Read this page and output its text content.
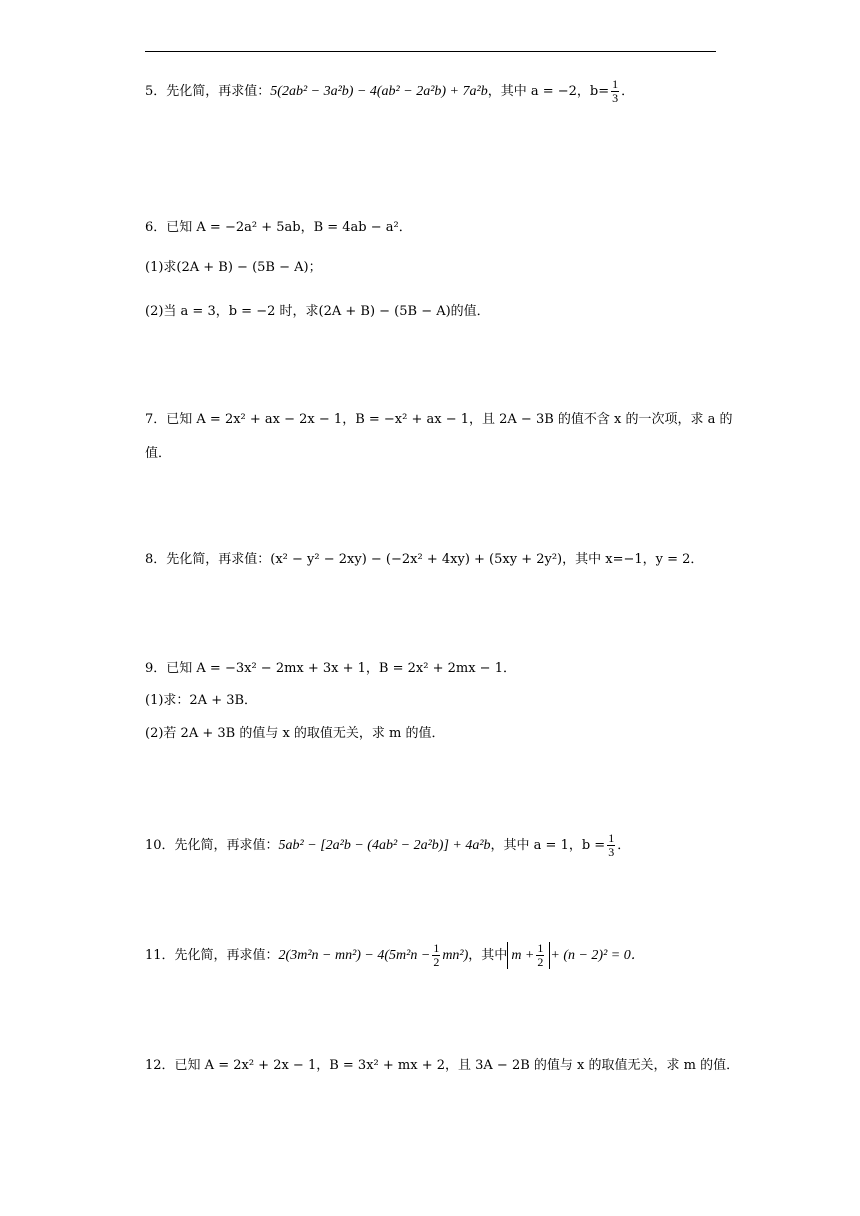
5．先化简，再求值：5(2ab² − 3a²b) − 4(ab² − 2a²b) + 7a²b，其中 a = −2，$b= \frac{1}{3}$ ．
6．已知 A = −2a² + 5ab，B = 4ab − a²．
(1)求(2A + B) − (5B − A)；
(2)当 a = 3，b = −2 时，求(2A + B) − (5B − A)的值．
7．已知 A = 2x² + ax − 2x − 1，B = −x² + ax − 1，且 2A − 3B 的值不含 x 的一次项，求 a 的
值．
8．先化简，再求值：(x² − y² − 2xy) − (−2x² + 4xy) + (5xy + 2y²)，其中 x=−1，y = 2．
9．已知 A = −3x² − 2mx + 3x + 1，B = 2x² + 2mx − 1．
(1)求：2A + 3B．
(2)若 2A + 3B 的值与 x 的取值无关，求 m 的值．
10．先化简，再求值：5ab² − [2a²b − (4ab² − 2a²b)] + 4a²b，其中 a = 1，$b = \frac{1}{3}$ ．
11．先化简，再求值：$2(3m^2n - mn^2) - 4(5m^2n - \frac{1}{2} mn^2)$，其中 $m + \frac{1}{2} + (n - 2)^2 = 0$．
12．已知 A = 2x² + 2x − 1，B = 3x² + mx + 2，且 3A − 2B 的值与 x 的取值无关，求 m 的值．
